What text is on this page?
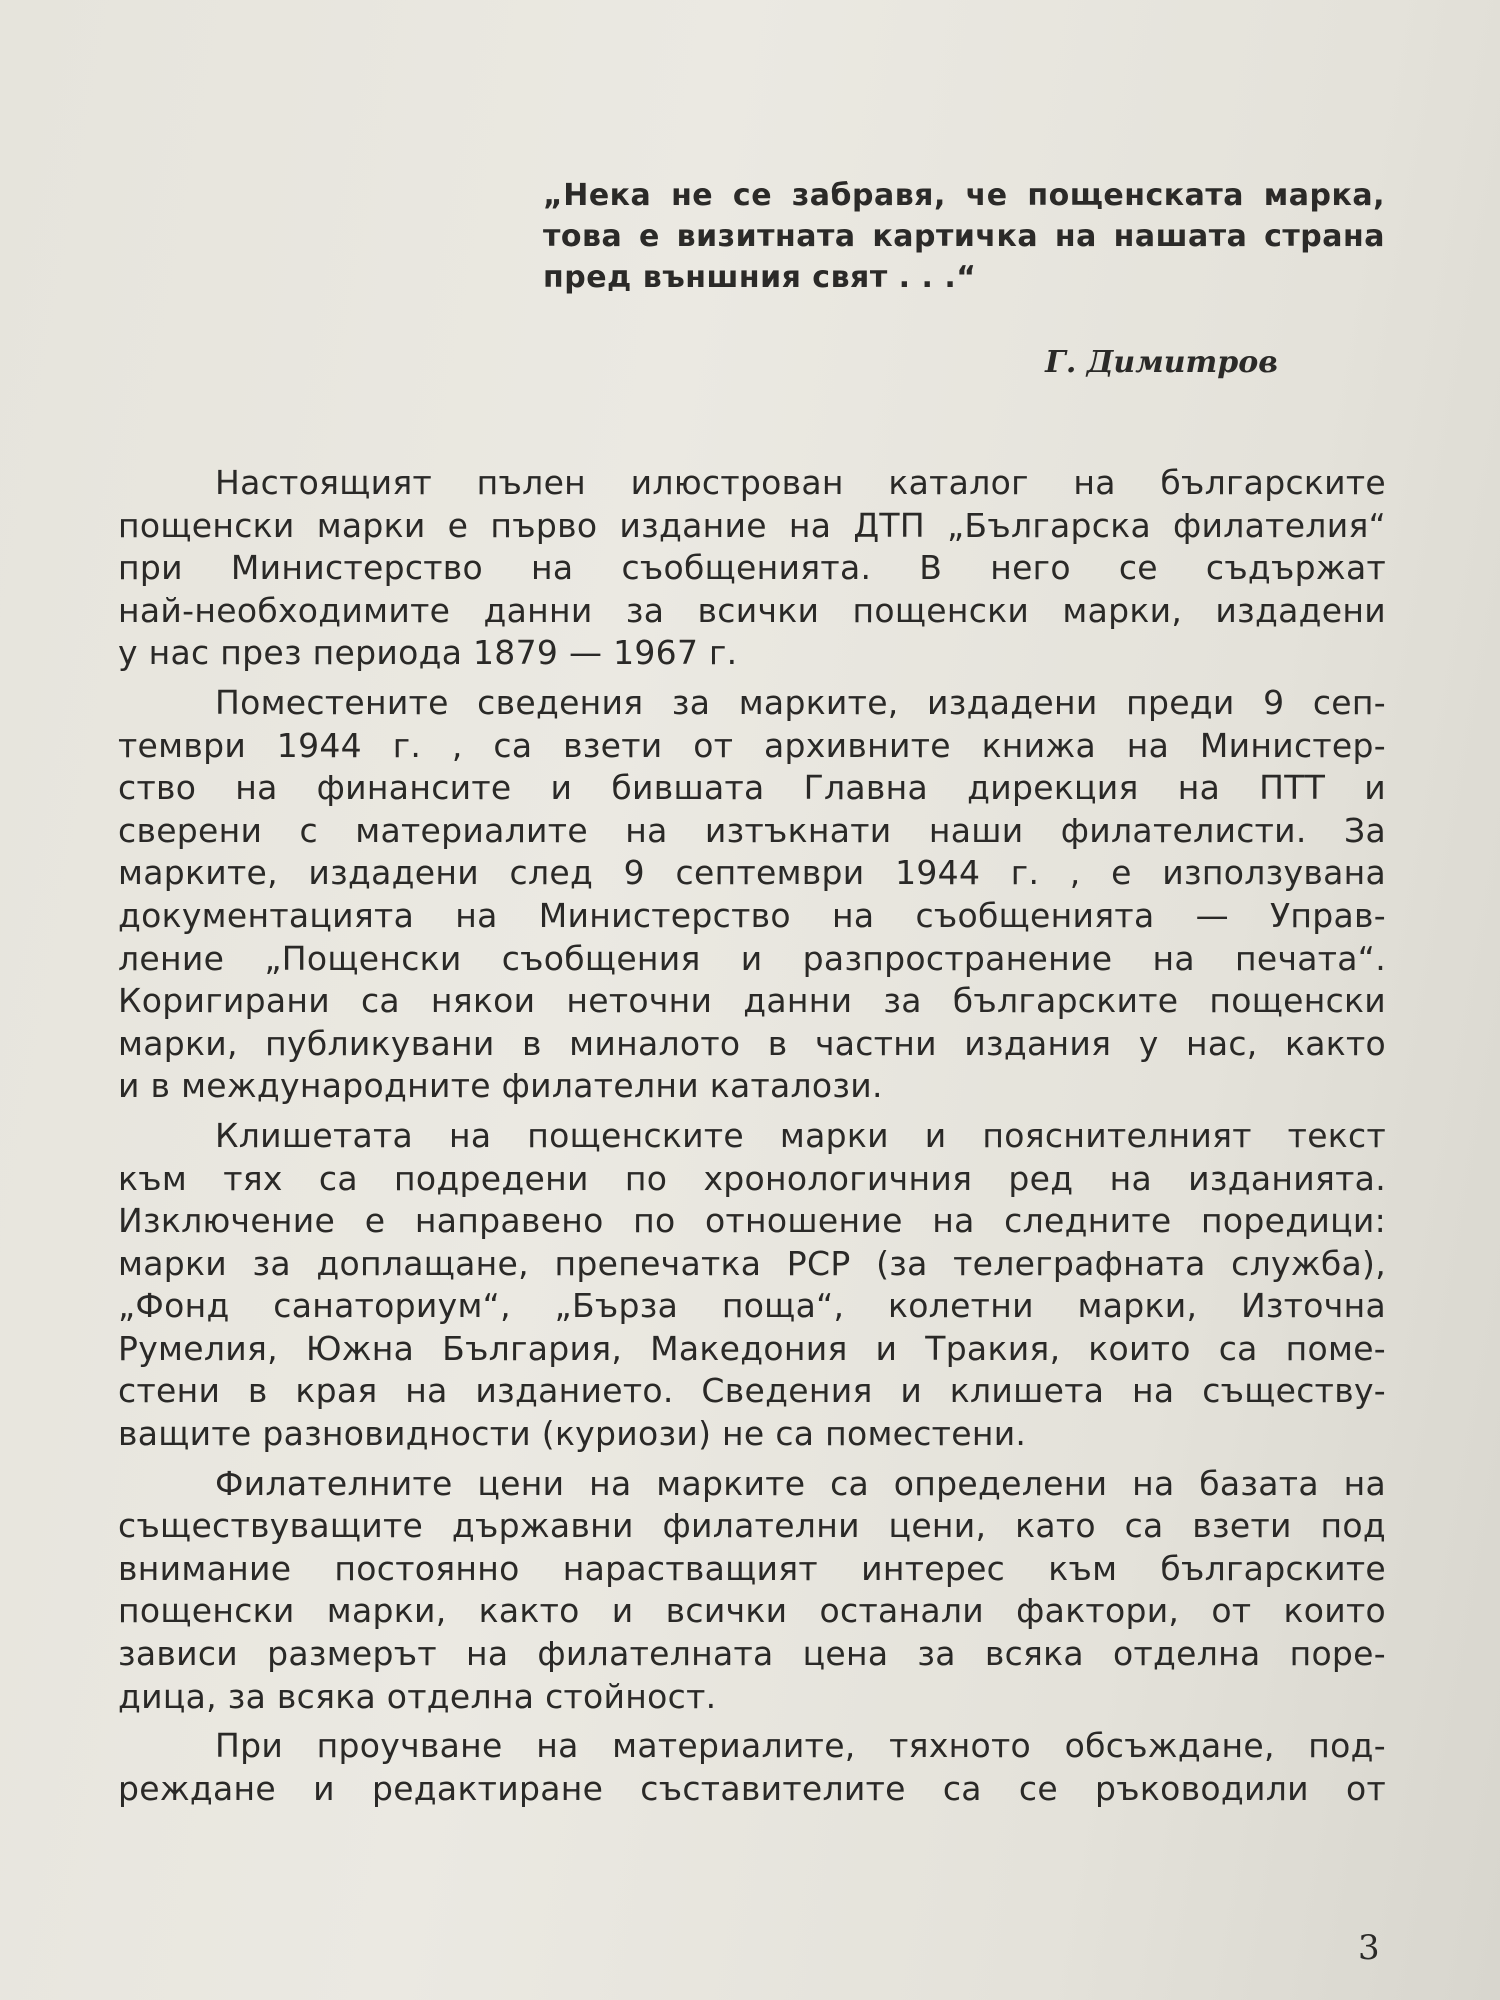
„Нека не се забравя, че пощенската марка,
това е визитната картичка на нашата страна
пред външния свят . . .“
Г. Димитров
Настоящият пълен илюстрован каталог на българските
пощенски марки е първо издание на ДТП „Българска филателия“
при Министерство на съобщенията. В него се съдържат
най-необходимите данни за всички пощенски марки, издадени
у нас през периода 1879 — 1967 г.
Поместените сведения за марките, издадени преди 9 сеп-
тември 1944 г. , са взети от архивните книжа на Министер-
ство на финансите и бившата Главна дирекция на ПТТ и
сверени с материалите на изтъкнати наши филателисти. За
марките, издадени след 9 септември 1944 г. , е използувана
документацията на Министерство на съобщенията — Управ-
ление „Пощенски съобщения и разпространение на печата“.
Коригирани са някои неточни данни за българските пощенски
марки, публикувани в миналото в частни издания у нас, както
и в международните филателни каталози.
Клишетата на пощенските марки и пояснителният текст
към тях са подредени по хронологичния ред на изданията.
Изключение е направено по отношение на следните поредици:
марки за доплащане, препечатка РСР (за телеграфната служба),
„Фонд санаториум“, „Бърза поща“, колетни марки, Източна
Румелия, Южна България, Македония и Тракия, които са поме-
стени в края на изданието. Сведения и клишета на съществу-
ващите разновидности (куриози) не са поместени.
Филателните цени на марките са определени на базата на
съществуващите държавни филателни цени, като са взети под
внимание постоянно нарастващият интерес към българските
пощенски марки, както и всички останали фактори, от които
зависи размерът на филателната цена за всяка отделна поре-
дица, за всяка отделна стойност.
При проучване на материалите, тяхното обсъждане, под-
реждане и редактиране съставителите са се ръководили от
3
